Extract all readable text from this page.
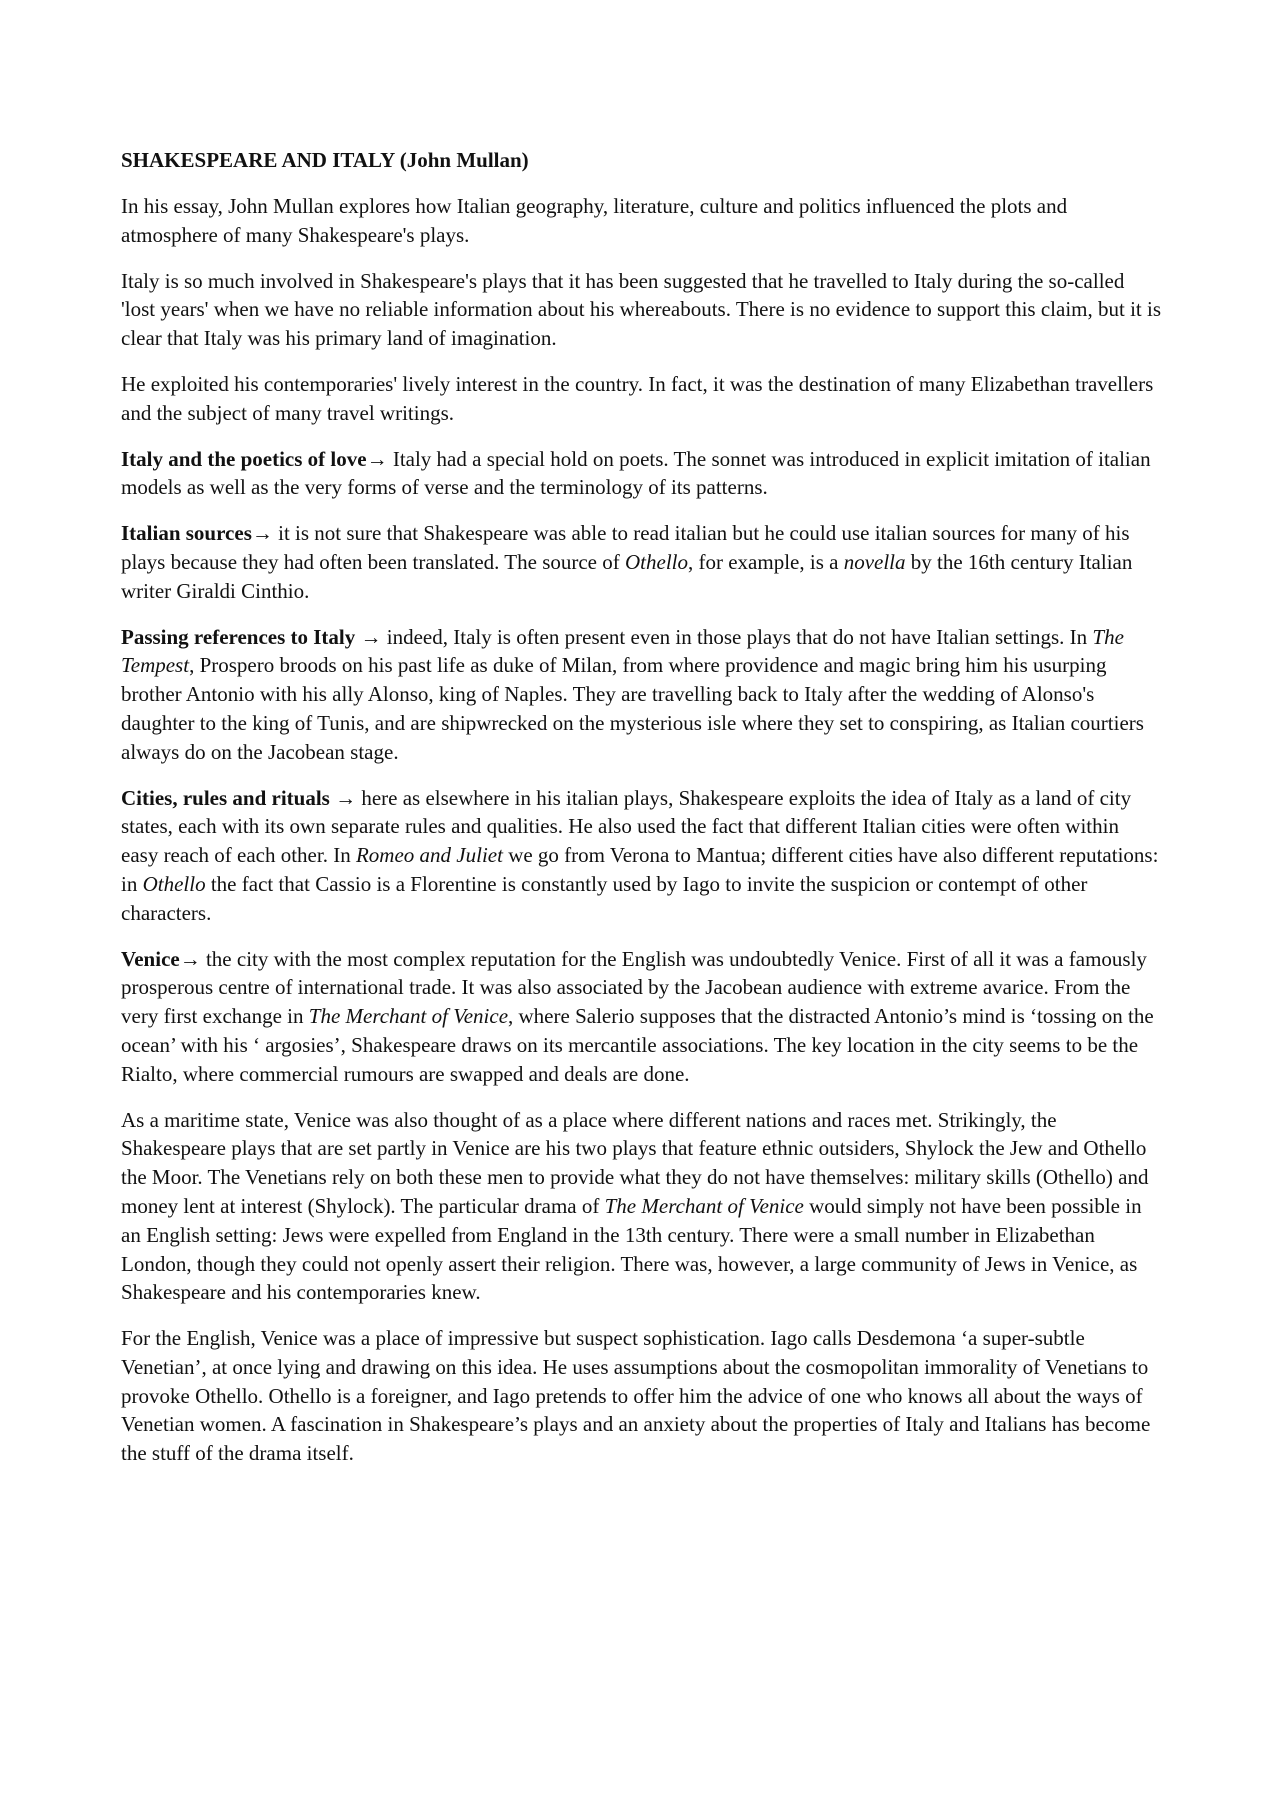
SHAKESPEARE AND ITALY (John Mullan)

In his essay, John Mullan explores how Italian geography, literature, culture and politics influenced the plots and atmosphere of many Shakespeare's plays.

Italy is so much involved in Shakespeare's plays that it has been suggested that he travelled to Italy during the so-called 'lost years' when we have no reliable information about his whereabouts. There is no evidence to support this claim, but it is clear that Italy was his primary land of imagination.

He exploited his contemporaries' lively interest in the country. In fact, it was the destination of many Elizabethan travellers and the subject of many travel writings.

Italy and the poetics of love→ Italy had a special hold on poets. The sonnet was introduced in explicit imitation of italian models as well as the very forms of verse and the terminology of its patterns.

Italian sources→ it is not sure that Shakespeare was able to read italian but he could use italian sources for many of his plays because they had often been translated. The source of Othello, for example, is a novella by the 16th century Italian writer Giraldi Cinthio.

Passing references to Italy → indeed, Italy is often present even in those plays that do not have Italian settings. In The Tempest, Prospero broods on his past life as duke of Milan, from where providence and magic bring him his usurping brother Antonio with his ally Alonso, king of Naples. They are travelling back to Italy after the wedding of Alonso's daughter to the king of Tunis, and are shipwrecked on the mysterious isle where they set to conspiring, as Italian courtiers always do on the Jacobean stage.

Cities, rules and rituals → here as elsewhere in his italian plays, Shakespeare exploits the idea of Italy as a land of city states, each with its own separate rules and qualities. He also used the fact that different Italian cities were often within easy reach of each other. In Romeo and Juliet we go from Verona to Mantua; different cities have also different reputations: in Othello the fact that Cassio is a Florentine is constantly used by Iago to invite the suspicion or contempt of other characters.

Venice→ the city with the most complex reputation for the English was undoubtedly Venice. First of all it was a famously prosperous centre of international trade. It was also associated by the Jacobean audience with extreme avarice. From the very first exchange in The Merchant of Venice, where Salerio supposes that the distracted Antonio’s mind is ‘tossing on the ocean’ with his ‘ argosies’, Shakespeare draws on its mercantile associations. The key location in the city seems to be the Rialto, where commercial rumours are swapped and deals are done.

As a maritime state, Venice was also thought of as a place where different nations and races met. Strikingly, the Shakespeare plays that are set partly in Venice are his two plays that feature ethnic outsiders, Shylock the Jew and Othello the Moor. The Venetians rely on both these men to provide what they do not have themselves: military skills (Othello) and money lent at interest (Shylock). The particular drama of The Merchant of Venice would simply not have been possible in an English setting: Jews were expelled from England in the 13th century. There were a small number in Elizabethan London, though they could not openly assert their religion. There was, however, a large community of Jews in Venice, as Shakespeare and his contemporaries knew.

For the English, Venice was a place of impressive but suspect sophistication. Iago calls Desdemona ‘a super-subtle Venetian’, at once lying and drawing on this idea. He uses assumptions about the cosmopolitan immorality of Venetians to provoke Othello. Othello is a foreigner, and Iago pretends to offer him the advice of one who knows all about the ways of Venetian women. A fascination in Shakespeare’s plays and an anxiety about the properties of Italy and Italians has become the stuff of the drama itself.
